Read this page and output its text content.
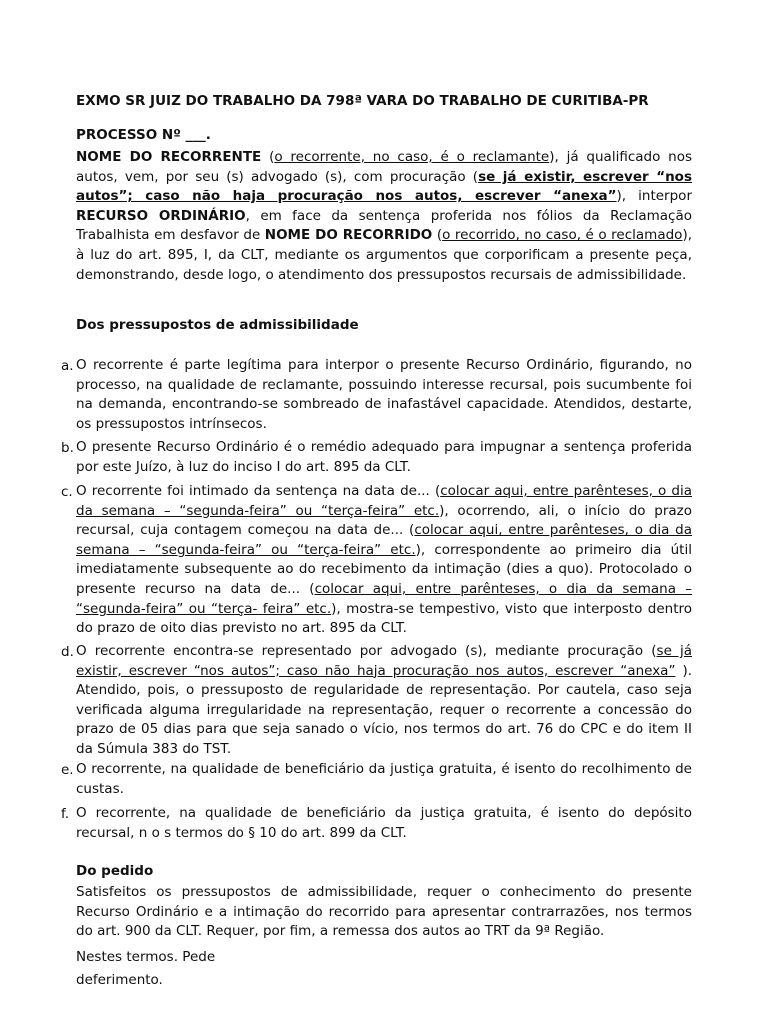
EXMO SR JUIZ DO TRABALHO DA 798ª VARA DO TRABALHO DE CURITIBA-PR
PROCESSO Nº ___.
NOME DO RECORRENTE (o recorrente, no caso, é o reclamante), já qualificado nos autos, vem, por seu (s) advogado (s), com procuração (se já existir, escrever “nos autos”; caso não haja procuração nos autos, escrever “anexa”), interpor RECURSO ORDINÁRIO, em face da sentença proferida nos fólios da Reclamação Trabalhista em desfavor de NOME DO RECORRIDO (o recorrido, no caso, é o reclamado), à luz do art. 895, I, da CLT, mediante os argumentos que corporificam a presente peça, demonstrando, desde logo, o atendimento dos pressupostos recursais de admissibilidade.
Dos pressupostos de admissibilidade
a. O recorrente é parte legítima para interpor o presente Recurso Ordinário, figurando, no processo, na qualidade de reclamante, possuindo interesse recursal, pois sucumbente foi na demanda, encontrando-se sombreado de inafastável capacidade. Atendidos, destarte, os pressupostos intrínsecos.
b. O presente Recurso Ordinário é o remédio adequado para impugnar a sentença proferida por este Juízo, à luz do inciso I do art. 895 da CLT.
c. O recorrente foi intimado da sentença na data de... (colocar aqui, entre parênteses, o dia da semana – “segunda-feira” ou “terça-feira” etc.), ocorrendo, ali, o início do prazo recursal, cuja contagem começou na data de... (colocar aqui, entre parênteses, o dia da semana – “segunda-feira” ou “terça-feira” etc.), correspondente ao primeiro dia útil imediatamente subsequente ao do recebimento da intimação (dies a quo). Protocolado o presente recurso na data de... (colocar aqui, entre parênteses, o dia da semana – “segunda-feira” ou “terça- feira” etc.), mostra-se tempestivo, visto que interposto dentro do prazo de oito dias previsto no art. 895 da CLT.
d. O recorrente encontra-se representado por advogado (s), mediante procuração (se já existir, escrever “nos autos”; caso não haja procuração nos autos, escrever “anexa” ). Atendido, pois, o pressuposto de regularidade de representação. Por cautela, caso seja verificada alguma irregularidade na representação, requer o recorrente a concessão do prazo de 05 dias para que seja sanado o vício, nos termos do art. 76 do CPC e do item II da Súmula 383 do TST.
e. O recorrente, na qualidade de beneficiário da justiça gratuita, é isento do recolhimento de custas.
f. O recorrente, na qualidade de beneficiário da justiça gratuita, é isento do depósito recursal, n o s termos do § 10 do art. 899 da CLT.
Do pedido
Satisfeitos os pressupostos de admissibilidade, requer o conhecimento do presente Recurso Ordinário e a intimação do recorrido para apresentar contrarrazões, nos termos do art. 900 da CLT. Requer, por fim, a remessa dos autos ao TRT da 9ª Região.
Nestes termos. Pede
deferimento.
